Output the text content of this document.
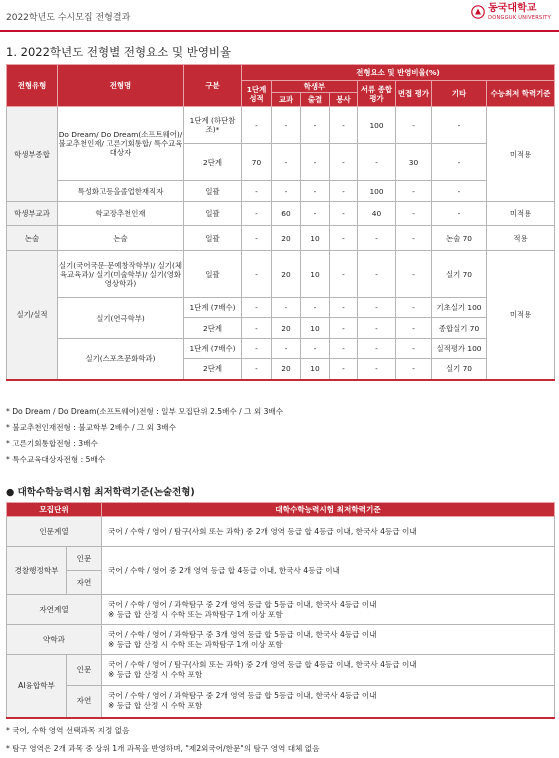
2022학년도 수시모집 전형결과
동국대학교
DONGGUK UNIVERSITY
1. 2022학년도 전형별 전형요소 및 반영비율
전형유형	전형명	구분	전형요소 및 반영비율(%)							
			1단계 성적	학생부			서류 종합평가	면접 평가	기타	수능최저 학력기준
				교과	출결	봉사				
학생부종합	Do Dream/ Do Dream(소프트웨어)/ 불교추천인재/ 고른기회통합/ 특수교육대상자	1단계 (하단참조)*	-	-	-	-	100	-	-	미적용
		2단계	70	-	-	-	-	30	-	
	특성화고등을졸업한재직자	일괄	-	-	-	-	100	-	-	
학생부교과	학교장추천인재	일괄	-	60	-	-	40	-	-	미적용
논술	논술	일괄	-	20	10	-	-	-	논술 70	적용
실기/실적	실기(국어국문·문예창작학부)/ 실기(체육교육과)/ 실기(미술학부)/ 실기(영화영상학과)	일괄	-	20	10	-	-	-	실기 70	미적용
	실기(연극학부)	1단계 (7배수)	-	-	-	-	-	-	기초실기 100	
		2단계	-	20	10	-	-	-	종합실기 70	
	실기(스포츠문화학과)	1단계 (7배수)	-	-	-	-	-	-	실적평가 100	
		2단계	-	20	10	-	-	-	실기 70	
* Do Dream / Do Dream(소프트웨어)전형 : 일부 모집단위 2.5배수 / 그 외 3배수
* 불교추천인재전형 : 불교학부 2배수 / 그 외 3배수
* 고른기회통합전형 : 3배수
* 특수교육대상자전형 : 5배수
● 대학수학능력시험 최저학력기준(논술전형)
모집단위		대학수학능력시험 최저학력기준
인문계열		국어 / 수학 / 영어 / 탐구(사회 또는 과학) 중 2개 영역 등급 합 4등급 이내, 한국사 4등급 이내
경찰행정학부	인문	국어 / 수학 / 영어 중 2개 영역 등급 합 4등급 이내, 한국사 4등급 이내
	자연	
자연계열		국어 / 수학 / 영어 / 과학탐구 중 2개 영역 등급 합 5등급 이내, 한국사 4등급 이내
※ 등급 합 산정 시 수학 또는 과학탐구 1개 이상 포함

약학과		국어 / 수학 / 영어 / 과학탐구 중 3개 영역 등급 합 5등급 이내, 한국사 4등급 이내
※ 등급 합 산정 시 수학 또는 과학탐구 1개 이상 포함

AI융합학부	인문	국어 / 수학 / 영어 / 탐구(사회 또는 과학) 중 2개 영역 등급 합 4등급 이내, 한국사 4등급 이내
※ 등급 합 산정 시 수학 포함

	자연	국어 / 수학 / 영어 / 과학탐구 중 2개 영역 등급 합 5등급 이내, 한국사 4등급 이내
※ 등급 합 산정 시 수학 포함
* 국어, 수학 영역 선택과목 지정 없음
* 탐구 영역은 2개 과목 중 상위 1개 과목을 반영하며, "제2외국어/한문"의 탐구 영역 대체 없음
